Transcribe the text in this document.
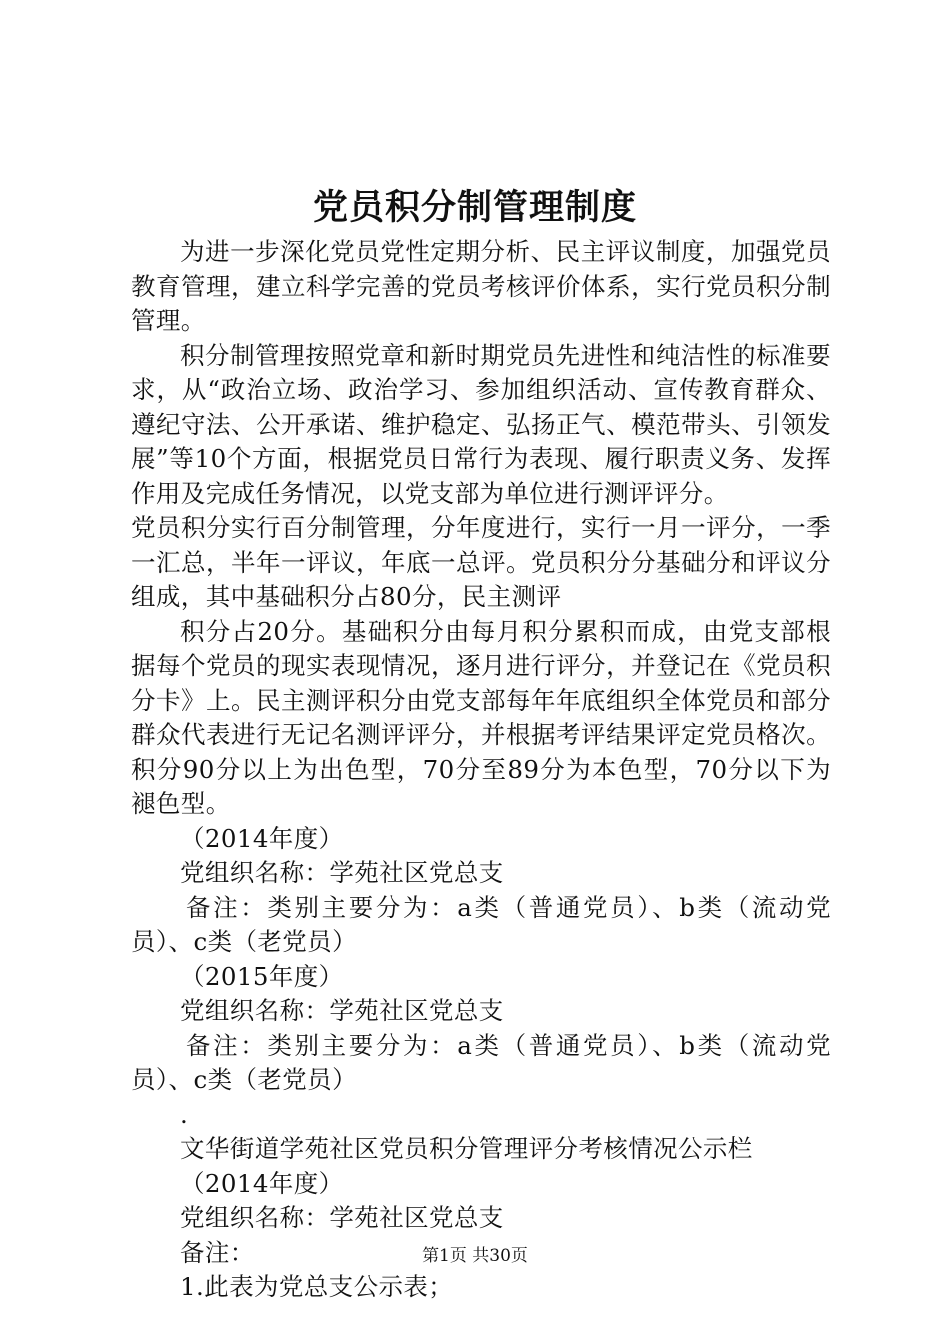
党员积分制管理制度

为进一步深化党员党性定期分析、民主评议制度，加强党员教育管理，建立科学完善的党员考核评价体系，实行党员积分制管理。

积分制管理按照党章和新时期党员先进性和纯洁性的标准要求，从“政治立场、政治学习、参加组织活动、宣传教育群众、遵纪守法、公开承诺、维护稳定、弘扬正气、模范带头、引领发展”等10个方面，根据党员日常行为表现、履行职责义务、发挥作用及完成任务情况，以党支部为单位进行测评评分。

党员积分实行百分制管理，分年度进行，实行一月一评分，一季一汇总，半年一评议，年底一总评。党员积分分基础分和评议分组成，其中基础积分占80分，民主测评

积分占20分。基础积分由每月积分累积而成，由党支部根据每个党员的现实表现情况，逐月进行评分，并登记在《党员积分卡》上。民主测评积分由党支部每年年底组织全体党员和部分群众代表进行无记名测评评分，并根据考评结果评定党员格次。积分90分以上为出色型，70分至89分为本色型，70分以下为褪色型。

（2014年度）

党组织名称：学苑社区党总支

备注：类别主要分为：a类（普通党员）、b类（流动党员）、c类（老党员）

（2015年度）

党组织名称：学苑社区党总支

备注：类别主要分为：a类（普通党员）、b类（流动党员）、c类（老党员）

.

文华街道学苑社区党员积分管理评分考核情况公示栏

（2014年度）

党组织名称：学苑社区党总支

备注：

1.此表为党总支公示表；

第1页 共30页
